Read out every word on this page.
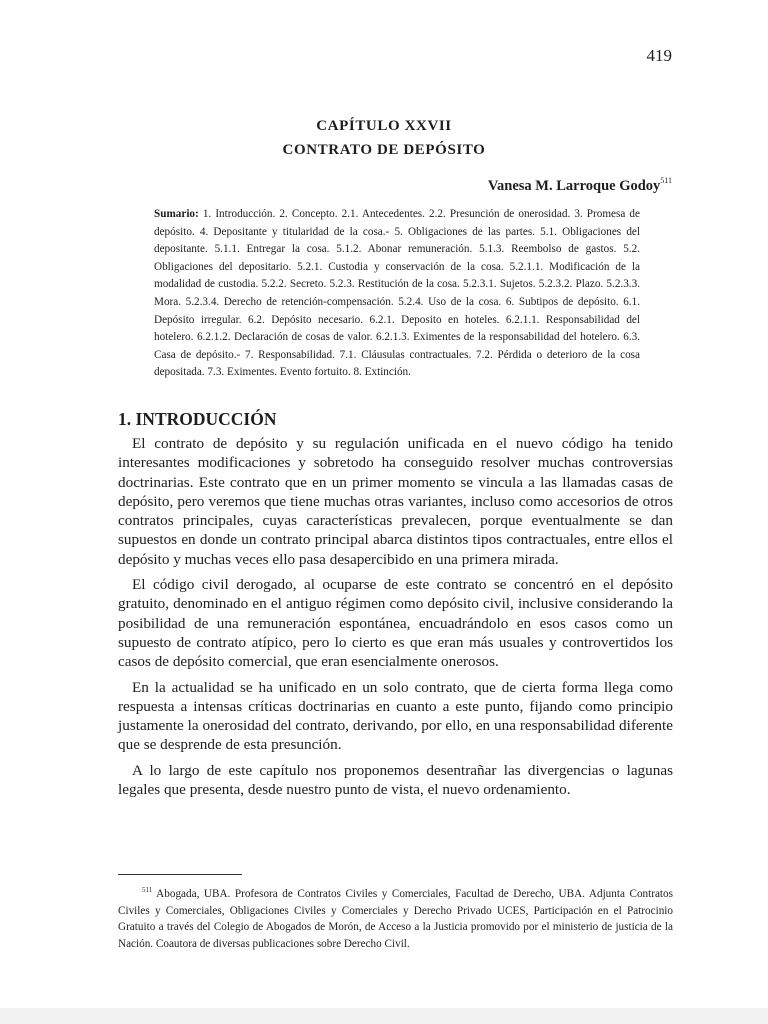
419
CAPÍTULO XXVII
CONTRATO DE DEPÓSITO
Vanesa M. Larroque Godoy$^{511}$
Sumario: 1. Introducción. 2. Concepto. 2.1. Antecedentes. 2.2. Presunción de onerosidad. 3. Promesa de depósito. 4. Depositante y titularidad de la cosa.- 5. Obligaciones de las partes. 5.1. Obligaciones del depositante. 5.1.1. Entregar la cosa. 5.1.2. Abonar remuneración. 5.1.3. Reembolso de gastos. 5.2. Obligaciones del depositario. 5.2.1. Custodia y conservación de la cosa. 5.2.1.1. Modificación de la modalidad de custodia. 5.2.2. Secreto. 5.2.3. Restitución de la cosa. 5.2.3.1. Sujetos. 5.2.3.2. Plazo. 5.2.3.3. Mora. 5.2.3.4. Derecho de retención-compensación. 5.2.4. Uso de la cosa. 6. Subtipos de depósito. 6.1. Depósito irregular. 6.2. Depósito necesario. 6.2.1. Deposito en hoteles. 6.2.1.1. Responsabilidad del hotelero. 6.2.1.2. Declaración de cosas de valor. 6.2.1.3. Eximentes de la responsabilidad del hotelero. 6.3. Casa de depósito.- 7. Responsabilidad. 7.1. Cláusulas contractuales. 7.2. Pérdida o deterioro de la cosa depositada. 7.3. Eximentes. Evento fortuito. 8. Extinción.
1. INTRODUCCIÓN

El contrato de depósito y su regulación unificada en el nuevo código ha tenido interesantes modificaciones y sobretodo ha conseguido resolver muchas controversias doctrinarias. Este contrato que en un primer momento se vincula a las llamadas casas de depósito, pero veremos que tiene muchas otras variantes, incluso como accesorios de otros contratos principales, cuyas características prevalecen, porque eventualmente se dan supuestos en donde un contrato principal abarca distintos tipos contractuales, entre ellos el depósito y muchas veces ello pasa desapercibido en una primera mirada.

El código civil derogado, al ocuparse de este contrato se concentró en el depósito gratuito, denominado en el antiguo régimen como depósito civil, inclusive considerando la posibilidad de una remuneración espontánea, encuadrándolo en esos casos como un supuesto de contrato atípico, pero lo cierto es que eran más usuales y controvertidos los casos de depósito comercial, que eran esencialmente onerosos.

En la actualidad se ha unificado en un solo contrato, que de cierta forma llega como respuesta a intensas críticas doctrinarias en cuanto a este punto, fijando como principio justamente la onerosidad del contrato, derivando, por ello, en una responsabilidad diferente que se desprende de esta presunción.

A lo largo de este capítulo nos proponemos desentrañar las divergencias o lagunas legales que presenta, desde nuestro punto de vista, el nuevo ordenamiento.

$^{511}$ Abogada, UBA. Profesora de Contratos Civiles y Comerciales, Facultad de Derecho, UBA. Adjunta Contratos Civiles y Comerciales, Obligaciones Civiles y Comerciales y Derecho Privado UCES, Participación en el Patrocinio Gratuito a través del Colegio de Abogados de Morón, de Acceso a la Justicia promovido por el ministerio de justicia de la Nación. Coautora de diversas publicaciones sobre Derecho Civil.
